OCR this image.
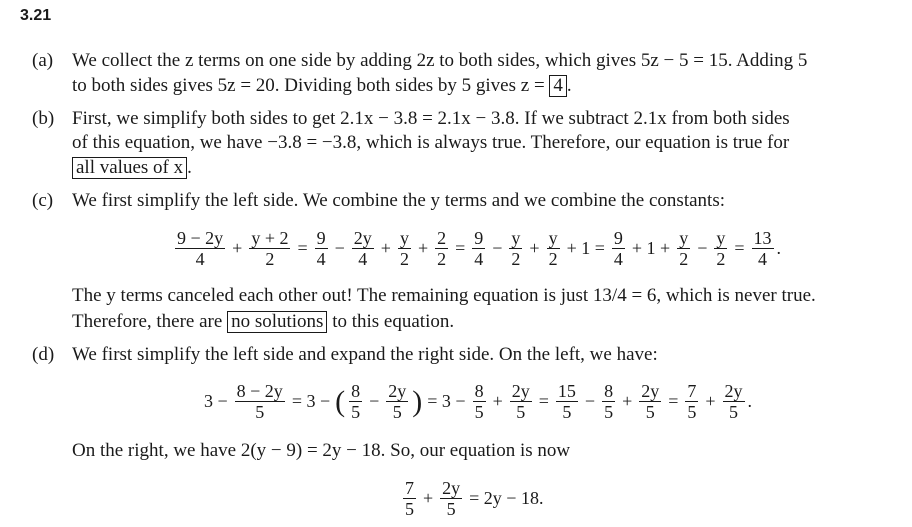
3.21
(a) We collect the z terms on one side by adding 2z to both sides, which gives 5z − 5 = 15. Adding 5
to both sides gives 5z = 20. Dividing both sides by 5 gives z = 4 .
(b) First, we simplify both sides to get 2.1x − 3.8 = 2.1x − 3.8. If we subtract 2.1x from both sides
of this equation, we have −3.8 = −3.8, which is always true. Therefore, our equation is true for
all values of x .
(c) We first simplify the left side. We combine the y terms and we combine the constants:
$\frac{9 - 2y}{4} + \frac{y + 2}{2} = \frac{9}{4} - \frac{2y}{4} + \frac{y}{2} + \frac{2}{2} = \frac{9}{4} - \frac{y}{2} + \frac{y}{2} + 1 = \frac{9}{4} + 1 + \frac{y}{2} - \frac{y}{2} = \frac{13}{4}$ .
The y terms canceled each other out! The remaining equation is just 13/4 = 6, which is never true.
Therefore, there are no solutions to this equation.
(d) We first simplify the left side and expand the right side. On the left, we have:
$3 - \frac{8 - 2y}{5} = 3$ − ( $\frac{8}{5} - \frac{2y}{5}$ ) = $3 - \frac{8}{5} + \frac{2y}{5} = \frac{15}{5} - \frac{8}{5} + \frac{2y}{5} = \frac{7}{5} + \frac{2y}{5}$ .
On the right, we have 2(y − 9) = 2y − 18. So, our equation is now
$\frac{7}{5} + \frac{2y}{5} = 2y - 18$.
